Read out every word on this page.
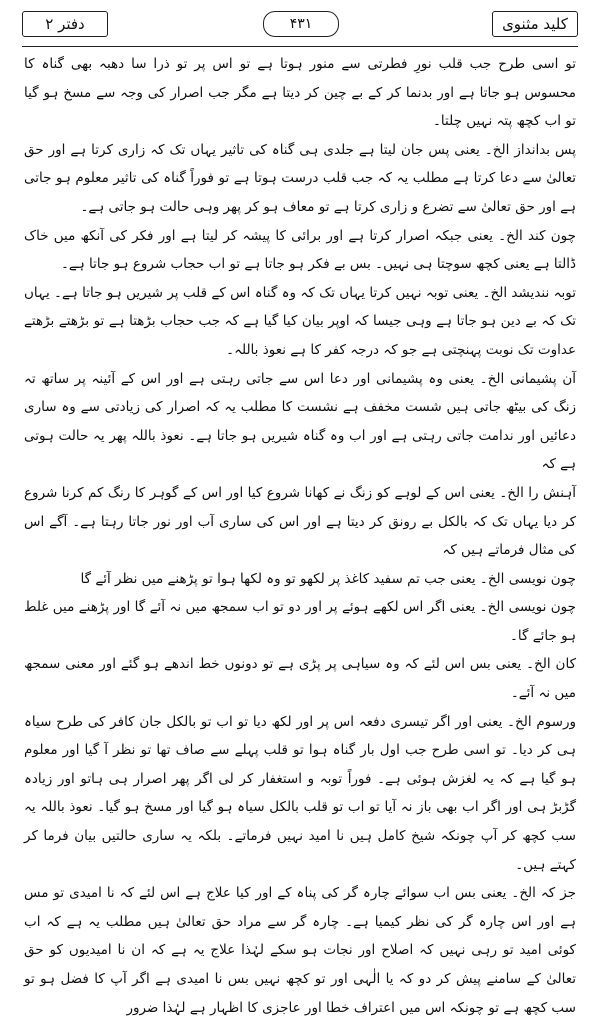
کلید مثنوی
۴۳۱
دفتر ۲

تو اسی طرح جب قلب نورِ فطرتی سے منور ہوتا ہے تو اس پر تو ذرا سا دھبہ بھی گناہ کا محسوس ہو جاتا ہے اور بدنما کر کے بے چین کر دیتا ہے مگر جب اصرار کی وجہ سے مسخ ہو گیا تو اب کچھ پتہ نہیں چلتا۔

پس بدانداز الخ۔ یعنی پس جان لیتا ہے جلدی ہی گناہ کی تاثیر یہاں تک کہ زاری کرتا ہے اور حق تعالیٰ سے دعا کرتا ہے مطلب یہ کہ جب قلب درست ہوتا ہے تو فوراً گناہ کی تاثیر معلوم ہو جاتی ہے اور حق تعالیٰ سے تضرع و زاری کرتا ہے تو معاف ہو کر پھر وہی حالت ہو جاتی ہے۔

چون کند الخ۔ یعنی جبکہ اصرار کرتا ہے اور برائی کا پیشہ کر لیتا ہے اور فکر کی آنکھ میں خاک ڈالتا ہے یعنی کچھ سوچتا ہی نہیں۔ بس بے فکر ہو جاتا ہے تو اب حجاب شروع ہو جاتا ہے۔

توبہ نندیشد الخ۔ یعنی توبہ نہیں کرتا یہاں تک کہ وہ گناہ اس کے قلب پر شیریں ہو جاتا ہے۔ یہاں تک کہ بے دین ہو جاتا ہے وہی جیسا کہ اوپر بیان کیا گیا ہے کہ جب حجاب بڑھتا ہے تو بڑھتے بڑھتے عداوت تک نوبت پہنچتی ہے جو کہ درجہ کفر کا ہے نعوذ باللہ۔

آن پشیمانی الخ۔ یعنی وہ پشیمانی اور دعا اس سے جاتی رہتی ہے اور اس کے آئینہ پر ساتھ تہ زنگ کی بیٹھ جاتی ہیں شست مخفف ہے نشست کا مطلب یہ کہ اصرار کی زیادتی سے وہ ساری دعائیں اور ندامت جاتی رہتی ہے اور اب وہ گناہ شیریں ہو جاتا ہے۔ نعوذ باللہ پھر یہ حالت ہوتی ہے کہ

آہنش را الخ۔ یعنی اس کے لوہے کو زنگ نے کھانا شروع کیا اور اس کے گوہر کا رنگ کم کرنا شروع کر دیا یہاں تک کہ بالکل بے رونق کر دیتا ہے اور اس کی ساری آب اور نور جاتا رہتا ہے۔ آگے اس کی مثال فرماتے ہیں کہ

چون نویسی الخ۔ یعنی جب تم سفید کاغذ پر لکھو تو وہ لکھا ہوا تو پڑھنے میں نظر آئے گا

چون نویسی الخ۔ یعنی اگر اس لکھے ہوئے پر اور دو تو اب سمجھ میں نہ آئے گا اور پڑھنے میں غلط ہو جائے گا۔

کان الخ۔ یعنی بس اس لئے کہ وہ سیاہی پر پڑی ہے تو دونوں خط اندھے ہو گئے اور معنی سمجھ میں نہ آئے۔

ورسوم الخ۔ یعنی اور اگر تیسری دفعہ اس پر اور لکھ دیا تو اب تو بالکل جان کافر کی طرح سیاہ ہی کر دیا۔ تو اسی طرح جب اول بار گناہ ہوا تو قلب پہلے سے صاف تھا تو نظر آ گیا اور معلوم ہو گیا ہے کہ یہ لغزش ہوئی ہے۔ فوراً توبہ و استغفار کر لی اگر پھر اصرار ہی ہاتو اور زیادہ گڑبڑ ہی اور اگر اب بھی باز نہ آیا تو اب تو قلب بالکل سیاہ ہو گیا اور مسخ ہو گیا۔ نعوذ باللہ یہ سب کچھ کر آپ چونکہ شیخ کامل ہیں نا امید نہیں فرماتے۔ بلکہ یہ ساری حالتیں بیان فرما کر کہتے ہیں۔

جز کہ الخ۔ یعنی بس اب سوائے چارہ گر کی پناہ کے اور کیا علاج ہے اس لئے کہ نا امیدی تو مس ہے اور اس چارہ گر کی نظر کیمیا ہے۔ چارہ گر سے مراد حق تعالیٰ ہیں مطلب یہ ہے کہ اب کوئی امید تو رہی نہیں کہ اصلاح اور نجات ہو سکے لہٰذا علاج یہ ہے کہ ان نا امیدیوں کو حق تعالیٰ کے سامنے پیش کر دو کہ یا الٰہی اور تو کچھ نہیں بس نا امیدی ہے اگر آپ کا فضل ہو تو سب کچھ ہے تو چونکہ اس میں اعتراف خطا اور عاجزی کا اظہار ہے لہٰذا ضرور
